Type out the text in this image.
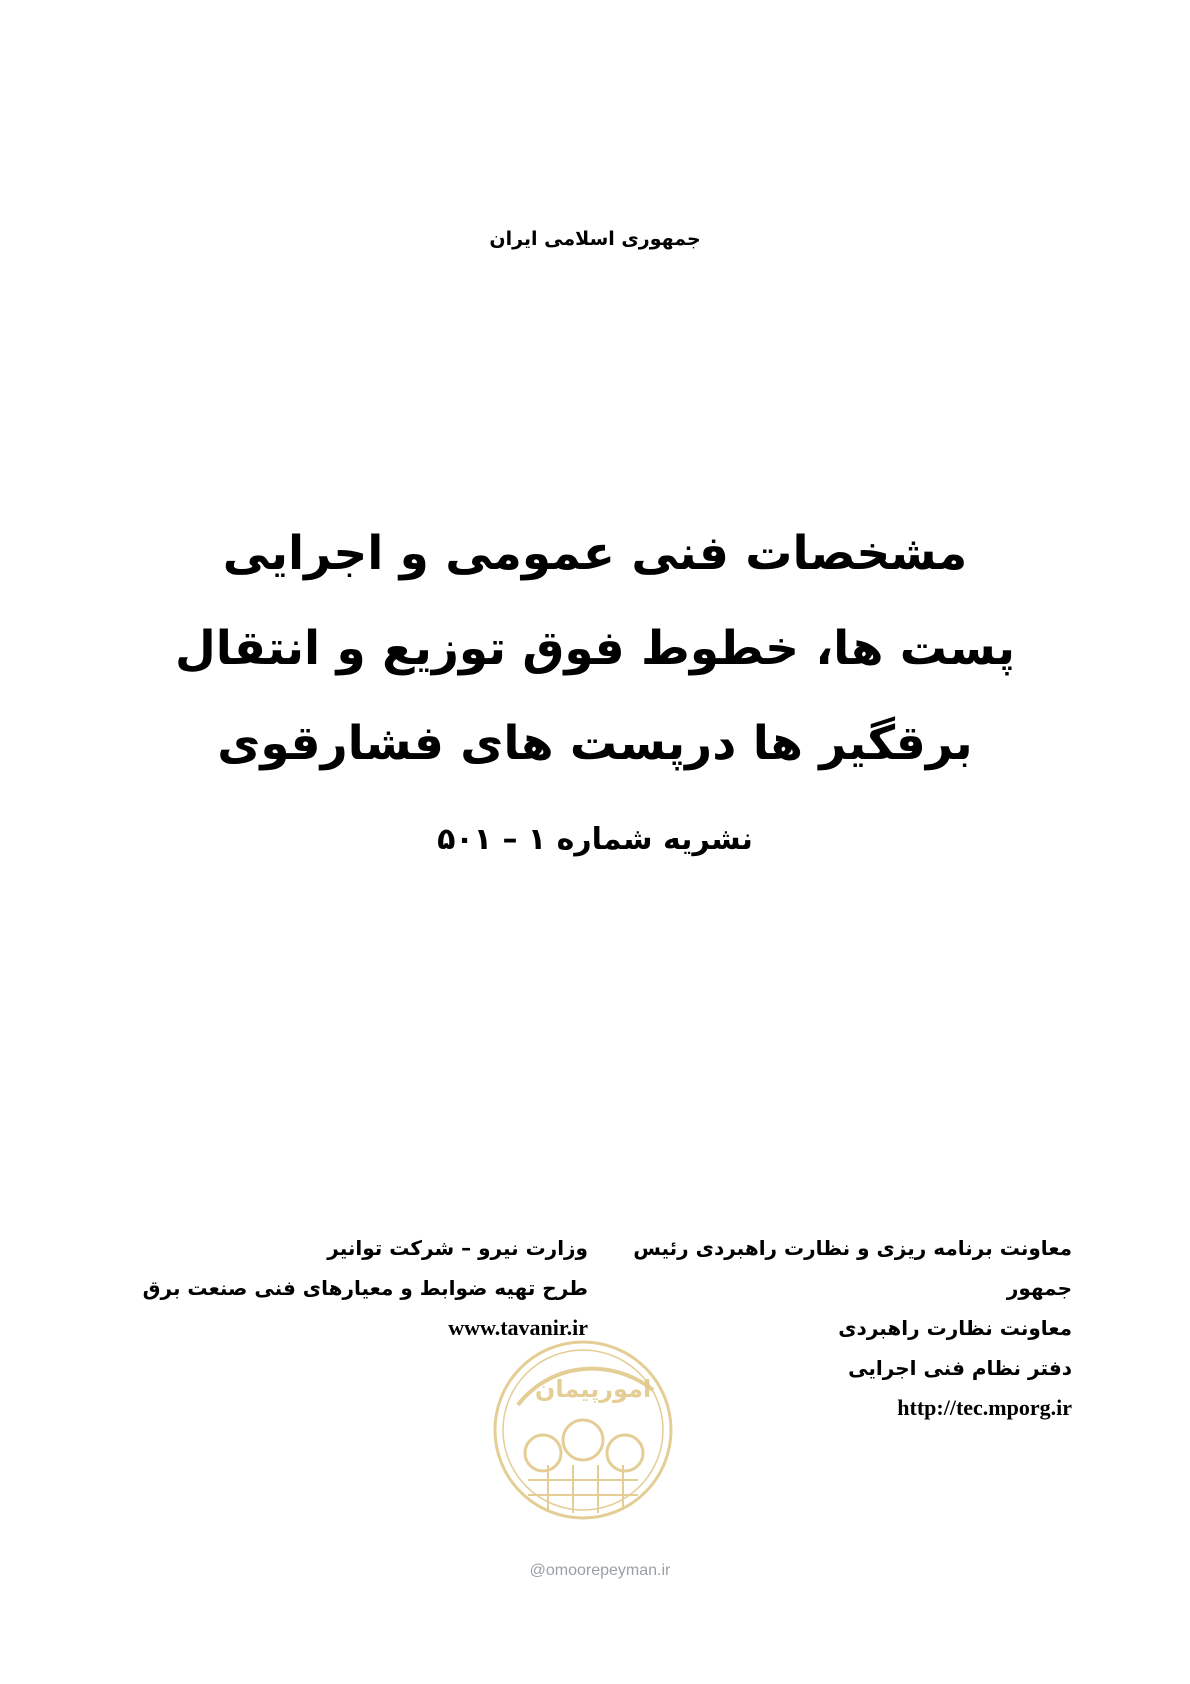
جمهوری اسلامی ایران
مشخصات فنی عمومی و اجرایی
پست ها، خطوط فوق توزیع و انتقال
برقگیر ها درپست های فشارقوی
نشریه شماره ۱ – ۵۰۱
معاونت برنامه ریزی و نظارت راهبردی رئیس جمهور
معاونت نظارت راهبردی
دفتر نظام فنی اجرایی
http://tec.mporg.ir
وزارت نیرو – شرکت توانیر
طرح تهیه ضوابط و معیارهای فنی صنعت برق
www.tavanir.ir
امورپیمان
@omoorepeyman.ir
